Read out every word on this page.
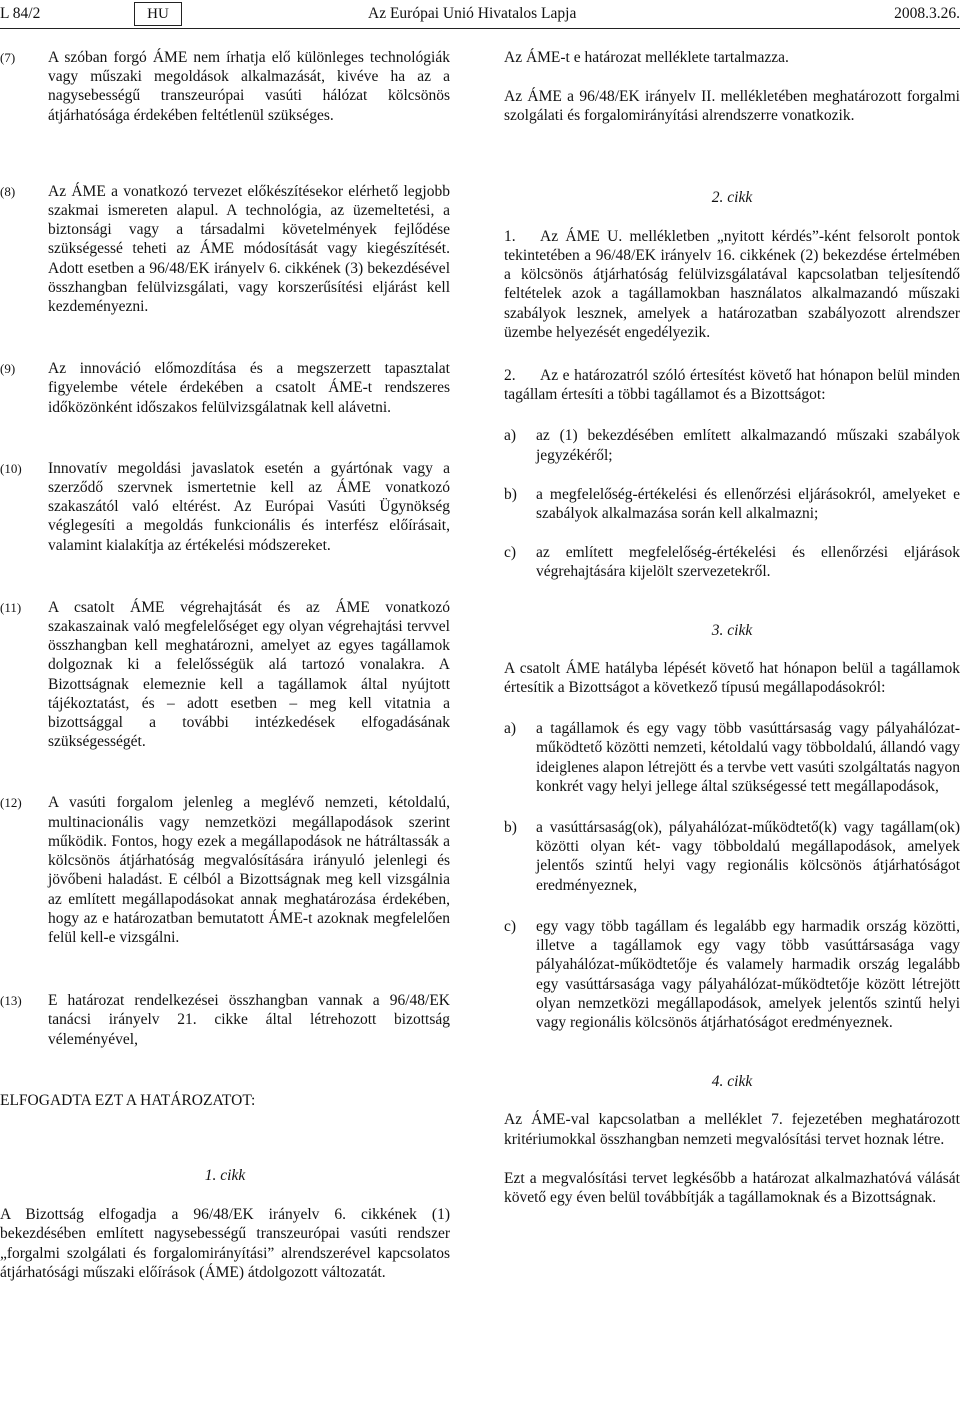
L 84/2	HU	Az Európai Unió Hivatalos Lapja	2008.3.26.
(7) A szóban forgó ÁME nem írhatja elő különleges technológiák vagy műszaki megoldások alkalmazását, kivéve ha az a nagysebességű transzeurópai vasúti hálózat kölcsönös átjárhatósága érdekében feltétlenül szükséges.
(8) Az ÁME a vonatkozó tervezet előkészítésekor elérhető legjobb szakmai ismereten alapul. A technológia, az üzemeltetési, a biztonsági vagy a társadalmi követelmények fejlődése szükségessé teheti az ÁME módosítását vagy kiegészítését. Adott esetben a 96/48/EK irányelv 6. cikkének (3) bekezdésével összhangban felülvizsgálati, vagy korszerűsítési eljárást kell kezdeményezni.
(9) Az innováció előmozdítása és a megszerzett tapasztalat figyelembe vétele érdekében a csatolt ÁME-t rendszeres időközönként időszakos felülvizsgálatnak kell alávetni.
(10) Innovatív megoldási javaslatok esetén a gyártónak vagy a szerződő szervnek ismertetnie kell az ÁME vonatkozó szakaszától való eltérést. Az Európai Vasúti Ügynökség véglegesíti a megoldás funkcionális és interfész előírásait, valamint kialakítja az értékelési módszereket.
(11) A csatolt ÁME végrehajtását és az ÁME vonatkozó szakaszainak való megfelelőséget egy olyan végrehajtási tervvel összhangban kell meghatározni, amelyet az egyes tagállamok dolgoznak ki a felelősségük alá tartozó vonalakra. A Bizottságnak elemeznie kell a tagállamok által nyújtott tájékoztatást, és – adott esetben – meg kell vitatnia a bizottsággal a további intézkedések elfogadásának szükségességét.
(12) A vasúti forgalom jelenleg a meglévő nemzeti, kétoldalú, multinacionális vagy nemzetközi megállapodások szerint működik. Fontos, hogy ezek a megállapodások ne hátráltassák a kölcsönös átjárhatóság megvalósítására irányuló jelenlegi és jövőbeni haladást. E célból a Bizottságnak meg kell vizsgálnia az említett megállapodásokat annak meghatározása érdekében, hogy az e határozatban bemutatott ÁME-t azoknak megfelelően felül kell-e vizsgálni.
(13) E határozat rendelkezései összhangban vannak a 96/48/EK tanácsi irányelv 21. cikke által létrehozott bizottság véleményével,
ELFOGADTA EZT A HATÁROZATOT:
1. cikk
A Bizottság elfogadja a 96/48/EK irányelv 6. cikkének (1) bekezdésében említett nagysebességű transzeurópai vasúti rendszer „forgalmi szolgálati és forgalomirányítási” alrendszerével kapcsolatos átjárhatósági műszaki előírások (ÁME) átdolgozott változatát.
Az ÁME-t e határozat melléklete tartalmazza.
Az ÁME a 96/48/EK irányelv II. mellékletében meghatározott forgalmi szolgálati és forgalomirányítási alrendszerre vonatkozik.
2. cikk
1. Az ÁME U. mellékletben „nyitott kérdés”-ként felsorolt pontok tekintetében a 96/48/EK irányelv 16. cikkének (2) bekezdése értelmében a kölcsönös átjárhatóság felülvizsgálatával kapcsolatban teljesítendő feltételek azok a tagállamokban használatos alkalmazandó műszaki szabályok lesznek, amelyek a határozatban szabályozott alrendszer üzembe helyezését engedélyezik.
2. Az e határozatról szóló értesítést követő hat hónapon belül minden tagállam értesíti a többi tagállamot és a Bizottságot:
a) az (1) bekezdésében említett alkalmazandó műszaki szabályok jegyzékéről;
b) a megfelelőség-értékelési és ellenőrzési eljárásokról, amelyeket e szabályok alkalmazása során kell alkalmazni;
c) az említett megfelelőség-értékelési és ellenőrzési eljárások végrehajtására kijelölt szervezetekről.
3. cikk
A csatolt ÁME hatályba lépését követő hat hónapon belül a tagállamok értesítik a Bizottságot a következő típusú megállapodásokról:
a) a tagállamok és egy vagy több vasúttársaság vagy pályahálózat-működtető közötti nemzeti, kétoldalú vagy többoldalú, állandó vagy ideiglenes alapon létrejött és a tervbe vett vasúti szolgáltatás nagyon konkrét vagy helyi jellege által szükségessé tett megállapodások,
b) a vasúttársaság(ok), pályahálózat-működtető(k) vagy tagállam(ok) közötti olyan két- vagy többoldalú megállapodások, amelyek jelentős szintű helyi vagy regionális kölcsönös átjárhatóságot eredményeznek,
c) egy vagy több tagállam és legalább egy harmadik ország közötti, illetve a tagállamok egy vagy több vasúttársasága vagy pályahálózat-működtetője és valamely harmadik ország legalább egy vasúttársasága vagy pályahálózat-működtetője között létrejött olyan nemzetközi megállapodások, amelyek jelentős szintű helyi vagy regionális kölcsönös átjárhatóságot eredményeznek.
4. cikk
Az ÁME-val kapcsolatban a melléklet 7. fejezetében meghatározott kritériumokkal összhangban nemzeti megvalósítási tervet hoznak létre.
Ezt a megvalósítási tervet legkésőbb a határozat alkalmazhatóvá válását követő egy éven belül továbbítják a tagállamoknak és a Bizottságnak.
